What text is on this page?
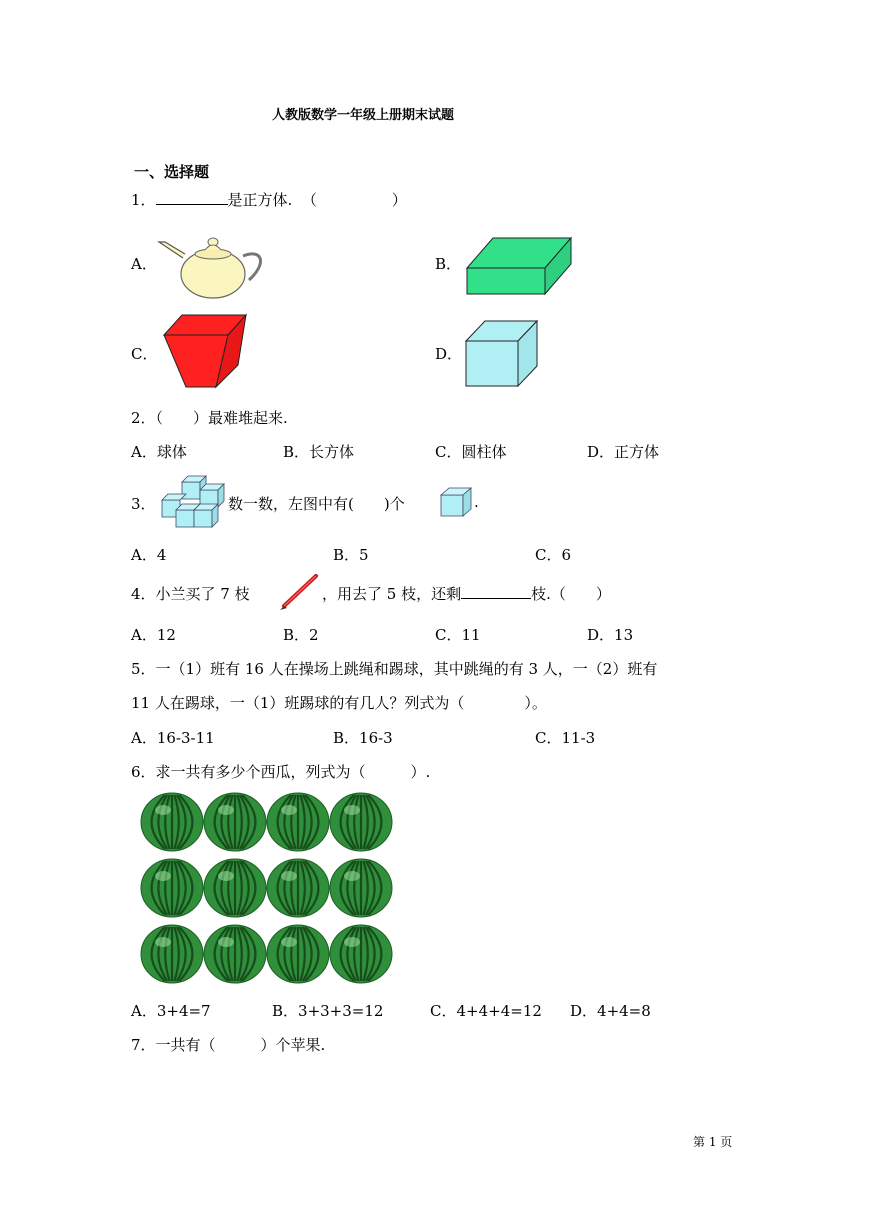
人教版数学一年级上册期末试题
一、选择题
1．	是正方体. （　　　　　）
A．	B．
C．	D．
2．（　　）最难堆起来.
A．球体	B．长方体	C．圆柱体	D．正方体
3．	数一数，左图中有(　　)个	.
A．4	B．5	C．6
4．小兰买了 7 枝	，用去了 5 枝，还剩	枝.（　　）
A．12	B．2	C．11	D．13
5．一（1）班有 16 人在操场上跳绳和踢球，其中跳绳的有 3 人，一（2）班有
11 人在踢球，一（1）班踢球的有几人？列式为（　　　　）。
A．16-3-11	B．16-3	C．11-3
6．求一共有多少个西瓜，列式为（　　　）.
A．3+4=7	B．3+3+3=12	C．4+4+4=12 D．4+4=8
7．一共有（　　　）个苹果.
第 1 页
